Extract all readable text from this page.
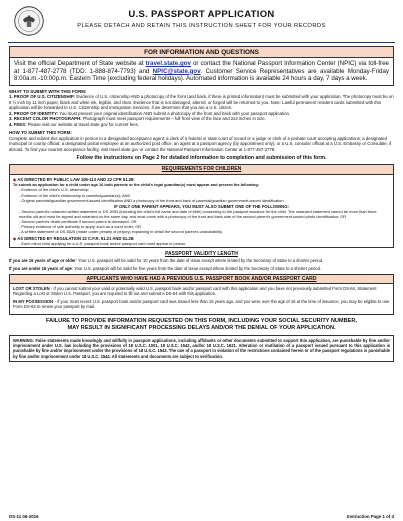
U.S. PASSPORT APPLICATION
PLEASE DETACH AND RETAIN THIS INSTRUCTION SHEET FOR YOUR RECORDS
FOR INFORMATION AND QUESTIONS
Visit the official Department of State website at travel.state.gov or contact the National Passport Information Center (NPIC) via toll-free at 1-877-487-2778 (TDD: 1-888-874-7793) and NPIC@state.gov. Customer Service Representatives are available Monday-Friday 8:00a.m.-10:00p.m. Eastern Time (excluding federal holidays). Automated information is available 24 hours a day, 7 days a week.
WHAT TO SUBMIT WITH THIS FORM:
1. PROOF OF U.S. CITIZENSHIP: Evidence of U.S. citizenship AND a photocopy of the front (and back, if there is printed information) must be submitted with your application. The photocopy must be on 8 ½ inch by 11 inch paper, black and white ink, legible, and clear. Evidence that is not damaged, altered, or forged will be returned to you. Note: Lawful permanent resident cards submitted with this application will be forwarded to U.S. Citizenship and Immigration Services, if we determine that you are a U.S. citizen.
2. PROOF OF IDENTITY: You must present your original identification AND submit a photocopy of the front and back with your passport application.
3. RECENT COLOR PHOTOGRAPH: Photograph must meet passport requirements – full front view of the face and 2x2 inches in size.
4. FEES: Please visit our website at travel.state.gov for current fees.
HOW TO SUBMIT THIS FORM:
Complete and submit this application in person to a designated acceptance agent: a clerk of a federal or state court of record or a judge or clerk of a probate court accepting applications; a designated municipal or county official; a designated postal employee at an authorized post office; an agent at a passport agency (by appointment only); or a U.S. consular official at a U.S. Embassy or Consulate, if abroad. To find your nearest acceptance facility, visit travel.state.gov or contact the National Passport Information Center at 1-877-487-2778.
Follow the instructions on Page 2 for detailed information to completion and submission of this form.
REQUIREMENTS FOR CHILDREN
◆ AS DIRECTED BY PUBLIC LAW 106-113 AND 22 CFR 51.28:
To submit an application for a child under age 16 both parents or the child's legal guardian(s) must appear and present the following:
- Evidence of the child's U.S. citizenship;
- Evidence of the child's relationship to parents/guardian(s); AND
- Original parental/guardian government-issued identification AND a photocopy of the front and back of parental/guardian government-issued identification.
IF ONLY ONE PARENT APPEARS, YOU MUST ALSO SUBMIT ONE OF THE FOLLOWING:
- Second parent's notarized written statement or DS-3053 (including the child's full name and date of birth) consenting to the passport issuance for the child. The notarized statement cannot be more than three months old and must be signed and notarized on the same day, and must come with a photocopy of the front and back side of the second parent's government-issued photo identification; OR
- Second parent's death certificate if second parent is deceased; OR
- Primary evidence of sole authority to apply, such as a court order; OR
- A written statement or DS-5525 (made under penalty of perjury) explaining in detail the second parent's unavailability.
◆ AS DIRECTED BY REGULATION 22 C.F.R. 51.21 AND 51.28:
- Each minor child applying for a U.S. passport book and/or passport card must appear in person.
PASSPORT VALIDITY LENGTH

If you are 16 years of age or older: Your U.S. passport will be valid for 10 years from the date of issue except where limited by the Secretary of State to a shorter period.

If you are under 16 years of age: Your U.S. passport will be valid for five years from the date of issue except where limited by the Secretary of State to a shorter period.

APPLICANTS WHO HAVE HAD A PREVIOUS U.S. PASSPORT BOOK AND/OR PASSPORT CARD

LOST OR STOLEN - If you cannot submit your valid or potentially valid U.S. passport book and/or passport card with this application and you have not previously submitted Form DS-64, Statement Regarding a Lost or Stolen U.S. Passport, you are required to fill out and submit a DS-64 with this application.

IN MY POSSESSION - If your most recent U.S. passport book and/or passport card was issued less than 15 years ago, and you were over the age of 16 at the time of issuance, you may be eligible to use Form DS-82 to renew your passport by mail.

FAILURE TO PROVIDE INFORMATION REQUESTED ON THIS FORM, INCLUDING YOUR SOCIAL SECURITY NUMBER,
MAY RESULT IN SIGNIFICANT PROCESSING DELAYS AND/OR THE DENIAL OF YOUR APPLICATION.
WARNING: False statements made knowingly and willfully in passport applications, including affidavits or other documents submitted to support this application, are punishable by fine and/or imprisonment under U.S. law including the provisions of 18 U.S.C. 1001, 18 U.S.C. 1542, and/or 18 U.S.C. 1621. Alteration or mutilation of a passport issued pursuant to this application is punishable by fine and/or imprisonment under the provisions of 18 U.S.C. 1543. The use of a passport in violation of the restrictions contained herein or of the passport regulations is punishable by fine and/or imprisonment under 18 U.S.C. 1544. All statements and documents are subject to verification.
DS-11 06-2016	Instruction Page 1 of 4
